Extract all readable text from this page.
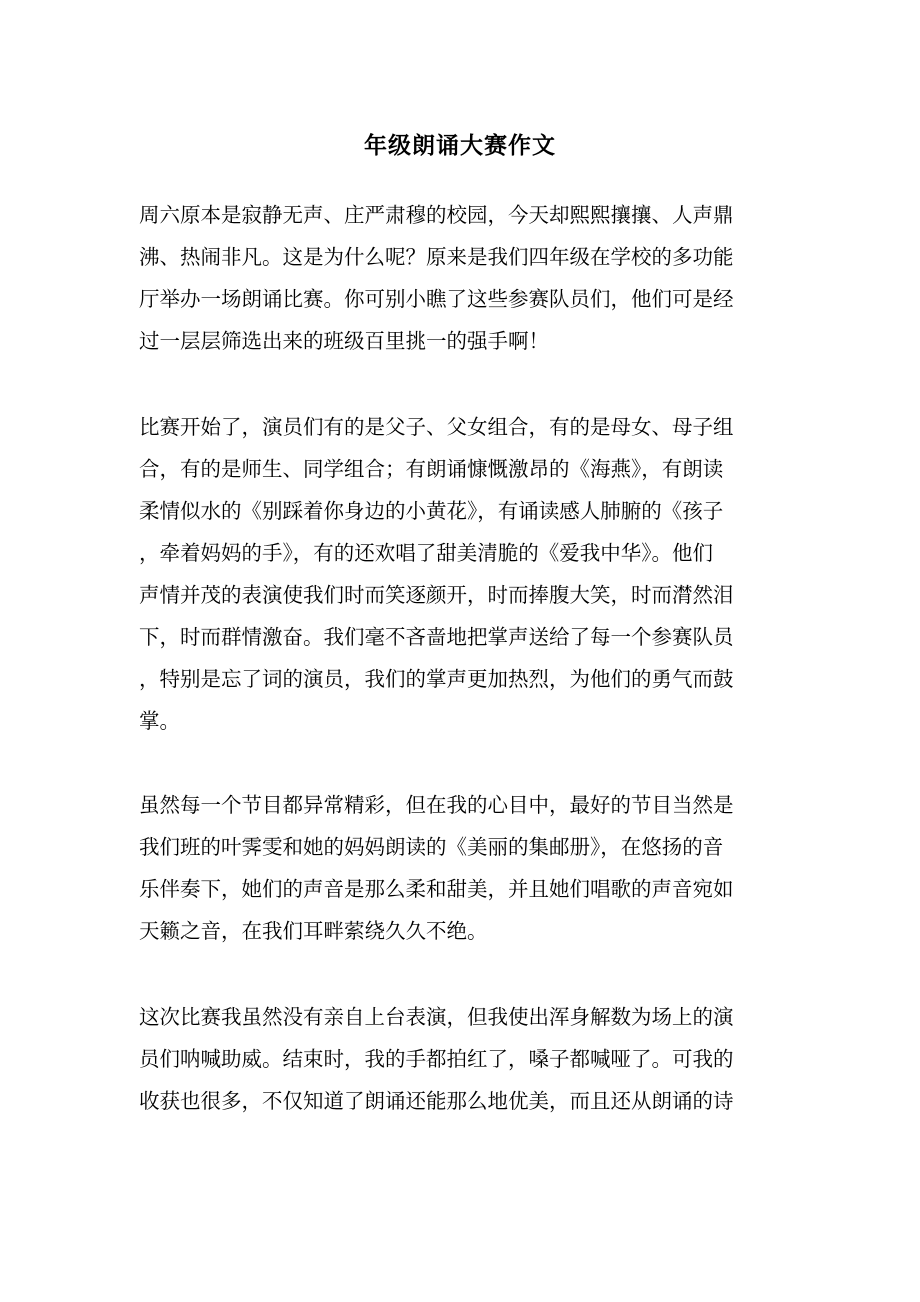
年级朗诵大赛作文
周六原本是寂静无声、庄严肃穆的校园，今天却熙熙攘攘、人声鼎
沸、热闹非凡。这是为什么呢？原来是我们四年级在学校的多功能
厅举办一场朗诵比赛。你可别小瞧了这些参赛队员们，他们可是经
过一层层筛选出来的班级百里挑一的强手啊！
比赛开始了，演员们有的是父子、父女组合，有的是母女、母子组
合，有的是师生、同学组合；有朗诵慷慨激昂的《海燕》，有朗读
柔情似水的《别踩着你身边的小黄花》，有诵读感人肺腑的《孩子
，牵着妈妈的手》，有的还欢唱了甜美清脆的《爱我中华》。他们
声情并茂的表演使我们时而笑逐颜开，时而捧腹大笑，时而潸然泪
下，时而群情激奋。我们毫不吝啬地把掌声送给了每一个参赛队员
，特别是忘了词的演员，我们的掌声更加热烈，为他们的勇气而鼓
掌。
虽然每一个节目都异常精彩，但在我的心目中，最好的节目当然是
我们班的叶霁雯和她的妈妈朗读的《美丽的集邮册》，在悠扬的音
乐伴奏下，她们的声音是那么柔和甜美，并且她们唱歌的声音宛如
天籁之音，在我们耳畔萦绕久久不绝。
这次比赛我虽然没有亲自上台表演，但我使出浑身解数为场上的演
员们呐喊助威。结束时，我的手都拍红了，嗓子都喊哑了。可我的
收获也很多，不仅知道了朗诵还能那么地优美，而且还从朗诵的诗
